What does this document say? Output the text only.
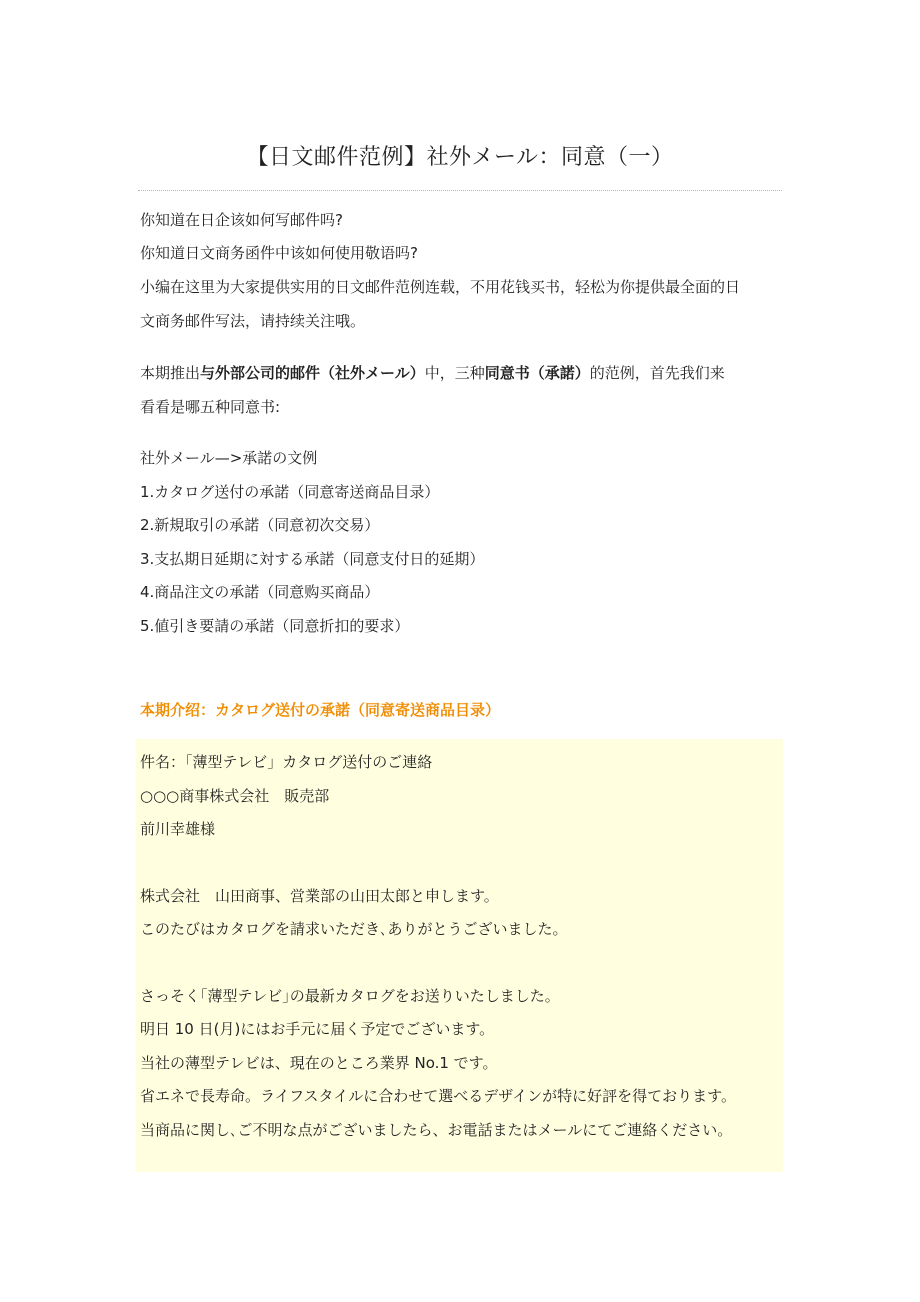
【日文邮件范例】社外メール：同意（一）
你知道在日企该如何写邮件吗?
你知道日文商务函件中该如何使用敬语吗?
小编在这里为大家提供实用的日文邮件范例连载，不用花钱买书，轻松为你提供最全面的日
文商务邮件写法，请持续关注哦。
本期推出与外部公司的邮件（社外メール）中，三种同意书（承諾）的范例，首先我们来
看看是哪五种同意书:
社外メール—>承諾の文例
1.カタログ送付の承諾（同意寄送商品目录）
2.新規取引の承諾（同意初次交易）
3.支払期日延期に対する承諾（同意支付日的延期）
4.商品注文の承諾（同意购买商品）
5.値引き要請の承諾（同意折扣的要求）
本期介绍：カタログ送付の承諾（同意寄送商品目录）
件名：「薄型テレビ」カタログ送付のご連絡
○○○商事株式会社　販売部
前川幸雄様
株式会社　山田商事、営業部の山田太郎と申します。
このたびはカタログを請求いただき､ありがとうございました。
さっそく｢薄型テレビ｣の最新カタログをお送りいたしました。
明日 10 日(月)にはお手元に届く予定でございます。
当社の薄型テレビは、現在のところ業界 No.1 です。
省エネで長寿命。ライフスタイルに合わせて選べるデザインが特に好評を得ております。
当商品に関し､ご不明な点がございましたら、お電話またはメールにてご連絡ください。
